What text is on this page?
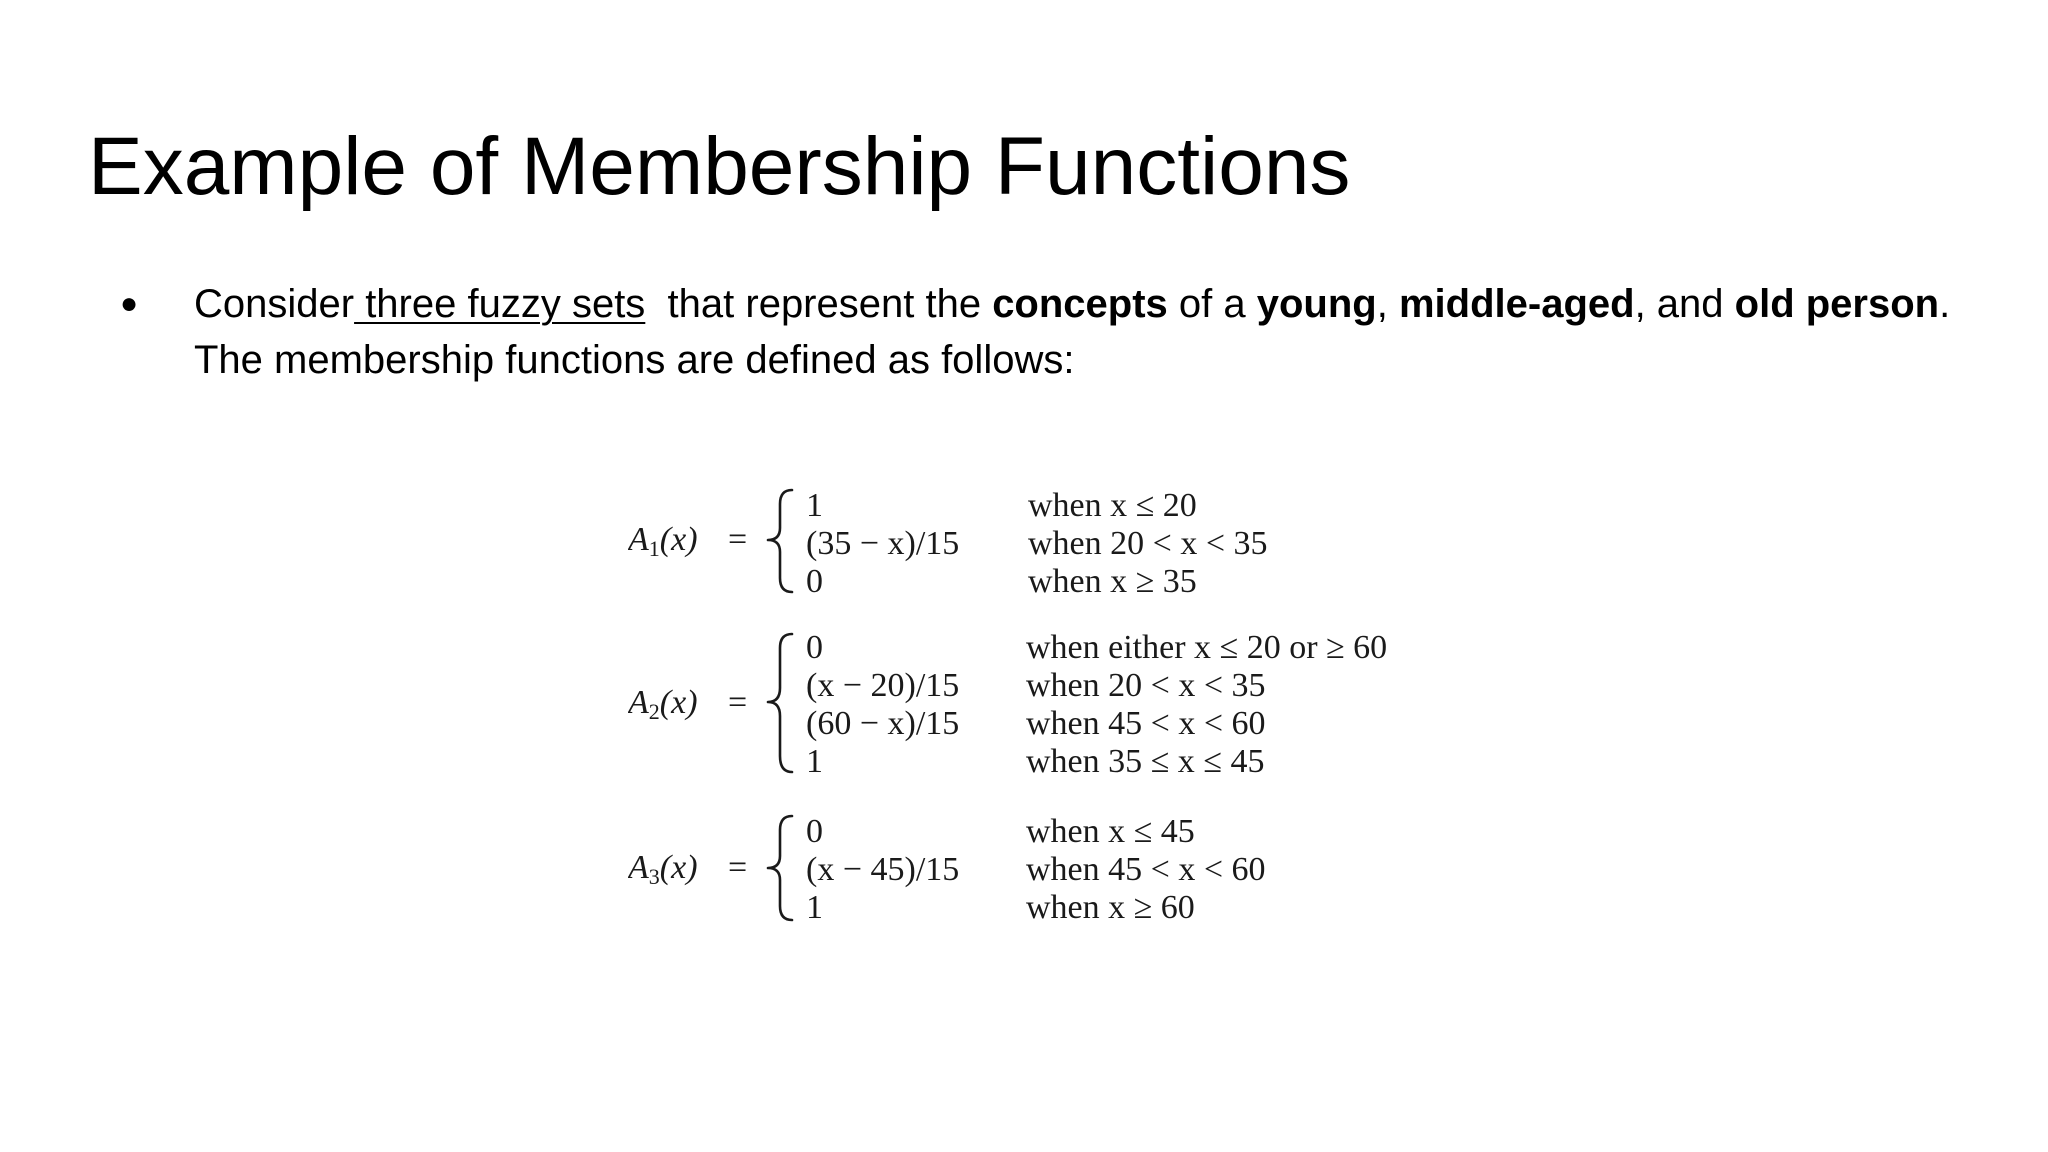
Example of Membership Functions
● Consider three fuzzy sets  that represent the concepts of a young, middle-aged, and old person.
The membership functions are defined as follows:
A1(x) =
1	when x ≤ 20
(35 − x)/15 when 20 < x < 35
0	when x ≥ 35
A2(x) =
0	when either x ≤ 20 or ≥ 60
(x − 20)/15 when 20 < x < 35
(60 − x)/15 when 45 < x < 60
1	when 35 ≤ x ≤ 45
A3(x) =
0	when x ≤ 45
(x − 45)/15 when 45 < x < 60
1	when x ≥ 60
